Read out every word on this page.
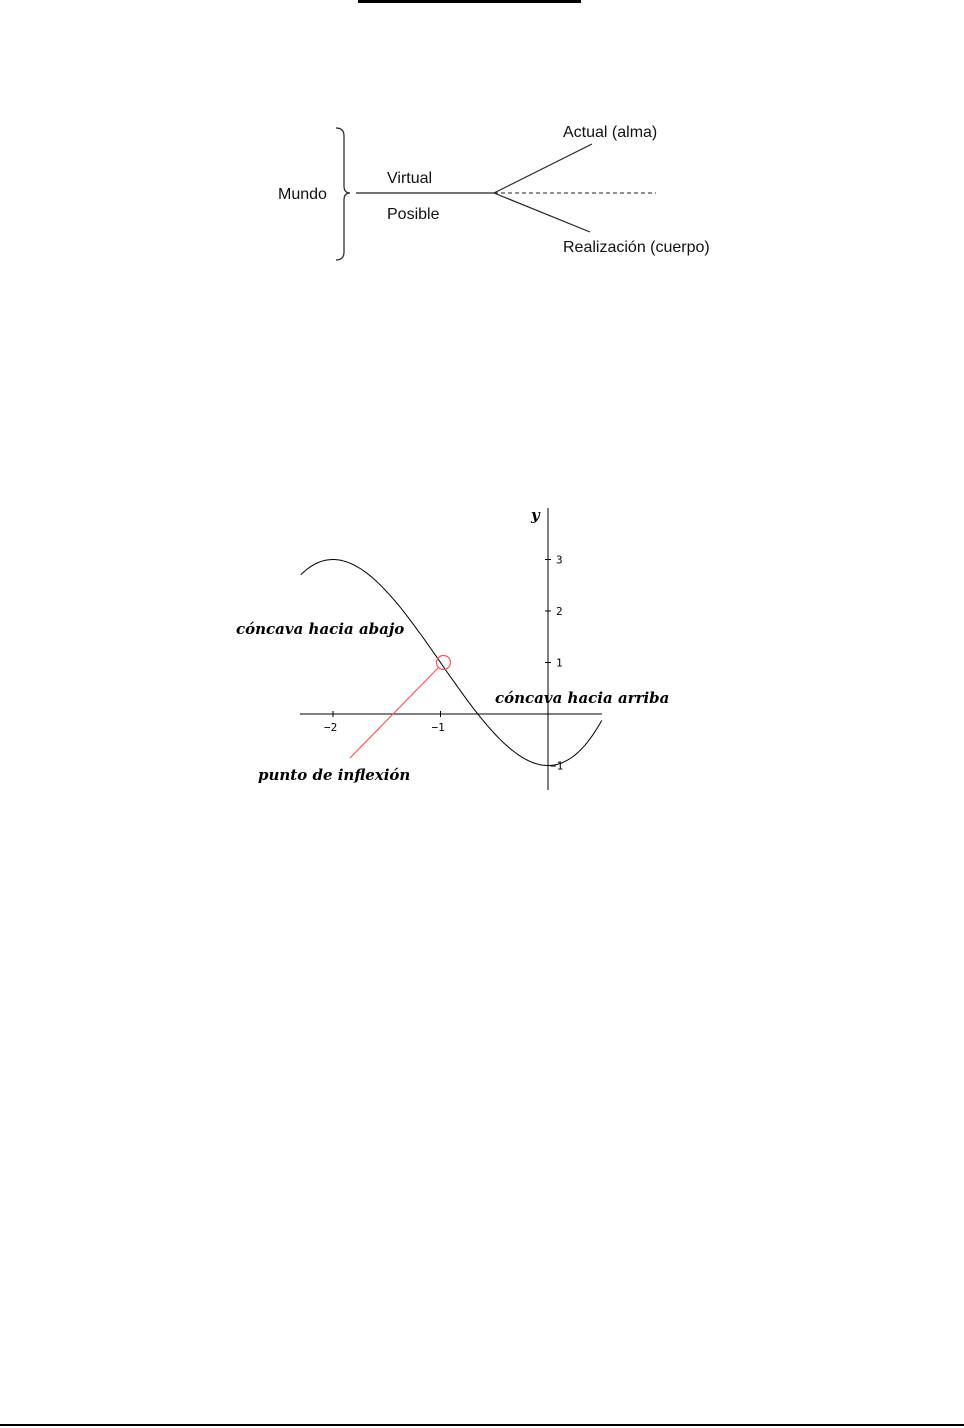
Mundo
Virtual
Posible
Actual (alma)
Realización (cuerpo)
y
−2	−1
3
2
1
−1
cóncava hacia abajo
cóncava hacia arriba
punto de inflexión
